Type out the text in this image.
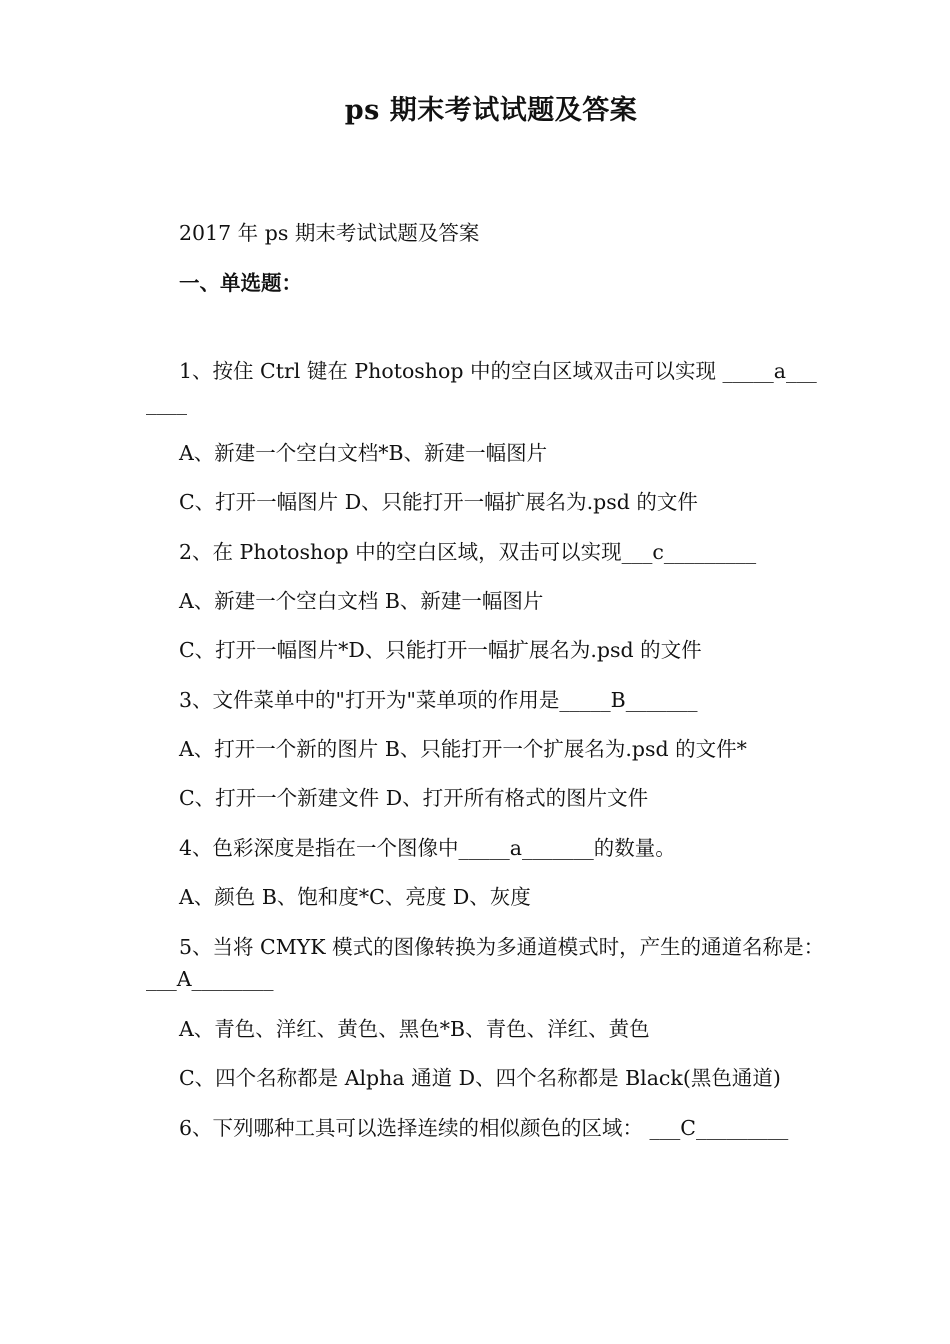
ps 期末考试试题及答案
2017 年 ps 期末考试试题及答案
一、单选题：
1、按住 Ctrl 键在 Photoshop 中的空白区域双击可以实现 _____a_______
A、新建一个空白文档*B、新建一幅图片
C、打开一幅图片 D、只能打开一幅扩展名为.psd 的文件
2、在 Photoshop 中的空白区域，双击可以实现___c_________
A、新建一个空白文档 B、新建一幅图片
C、打开一幅图片*D、只能打开一幅扩展名为.psd 的文件
3、文件菜单中的"打开为"菜单项的作用是_____B_______
A、打开一个新的图片 B、只能打开一个扩展名为.psd 的文件*
C、打开一个新建文件 D、打开所有格式的图片文件
4、色彩深度是指在一个图像中_____a_______的数量。
A、颜色 B、饱和度*C、亮度 D、灰度
5、当将 CMYK 模式的图像转换为多通道模式时，产生的通道名称是：___A________
A、青色、洋红、黄色、黑色*B、青色、洋红、黄色
C、四个名称都是 Alpha 通道 D、四个名称都是 Black(黑色通道)
6、下列哪种工具可以选择连续的相似颜色的区域： ___C_________
